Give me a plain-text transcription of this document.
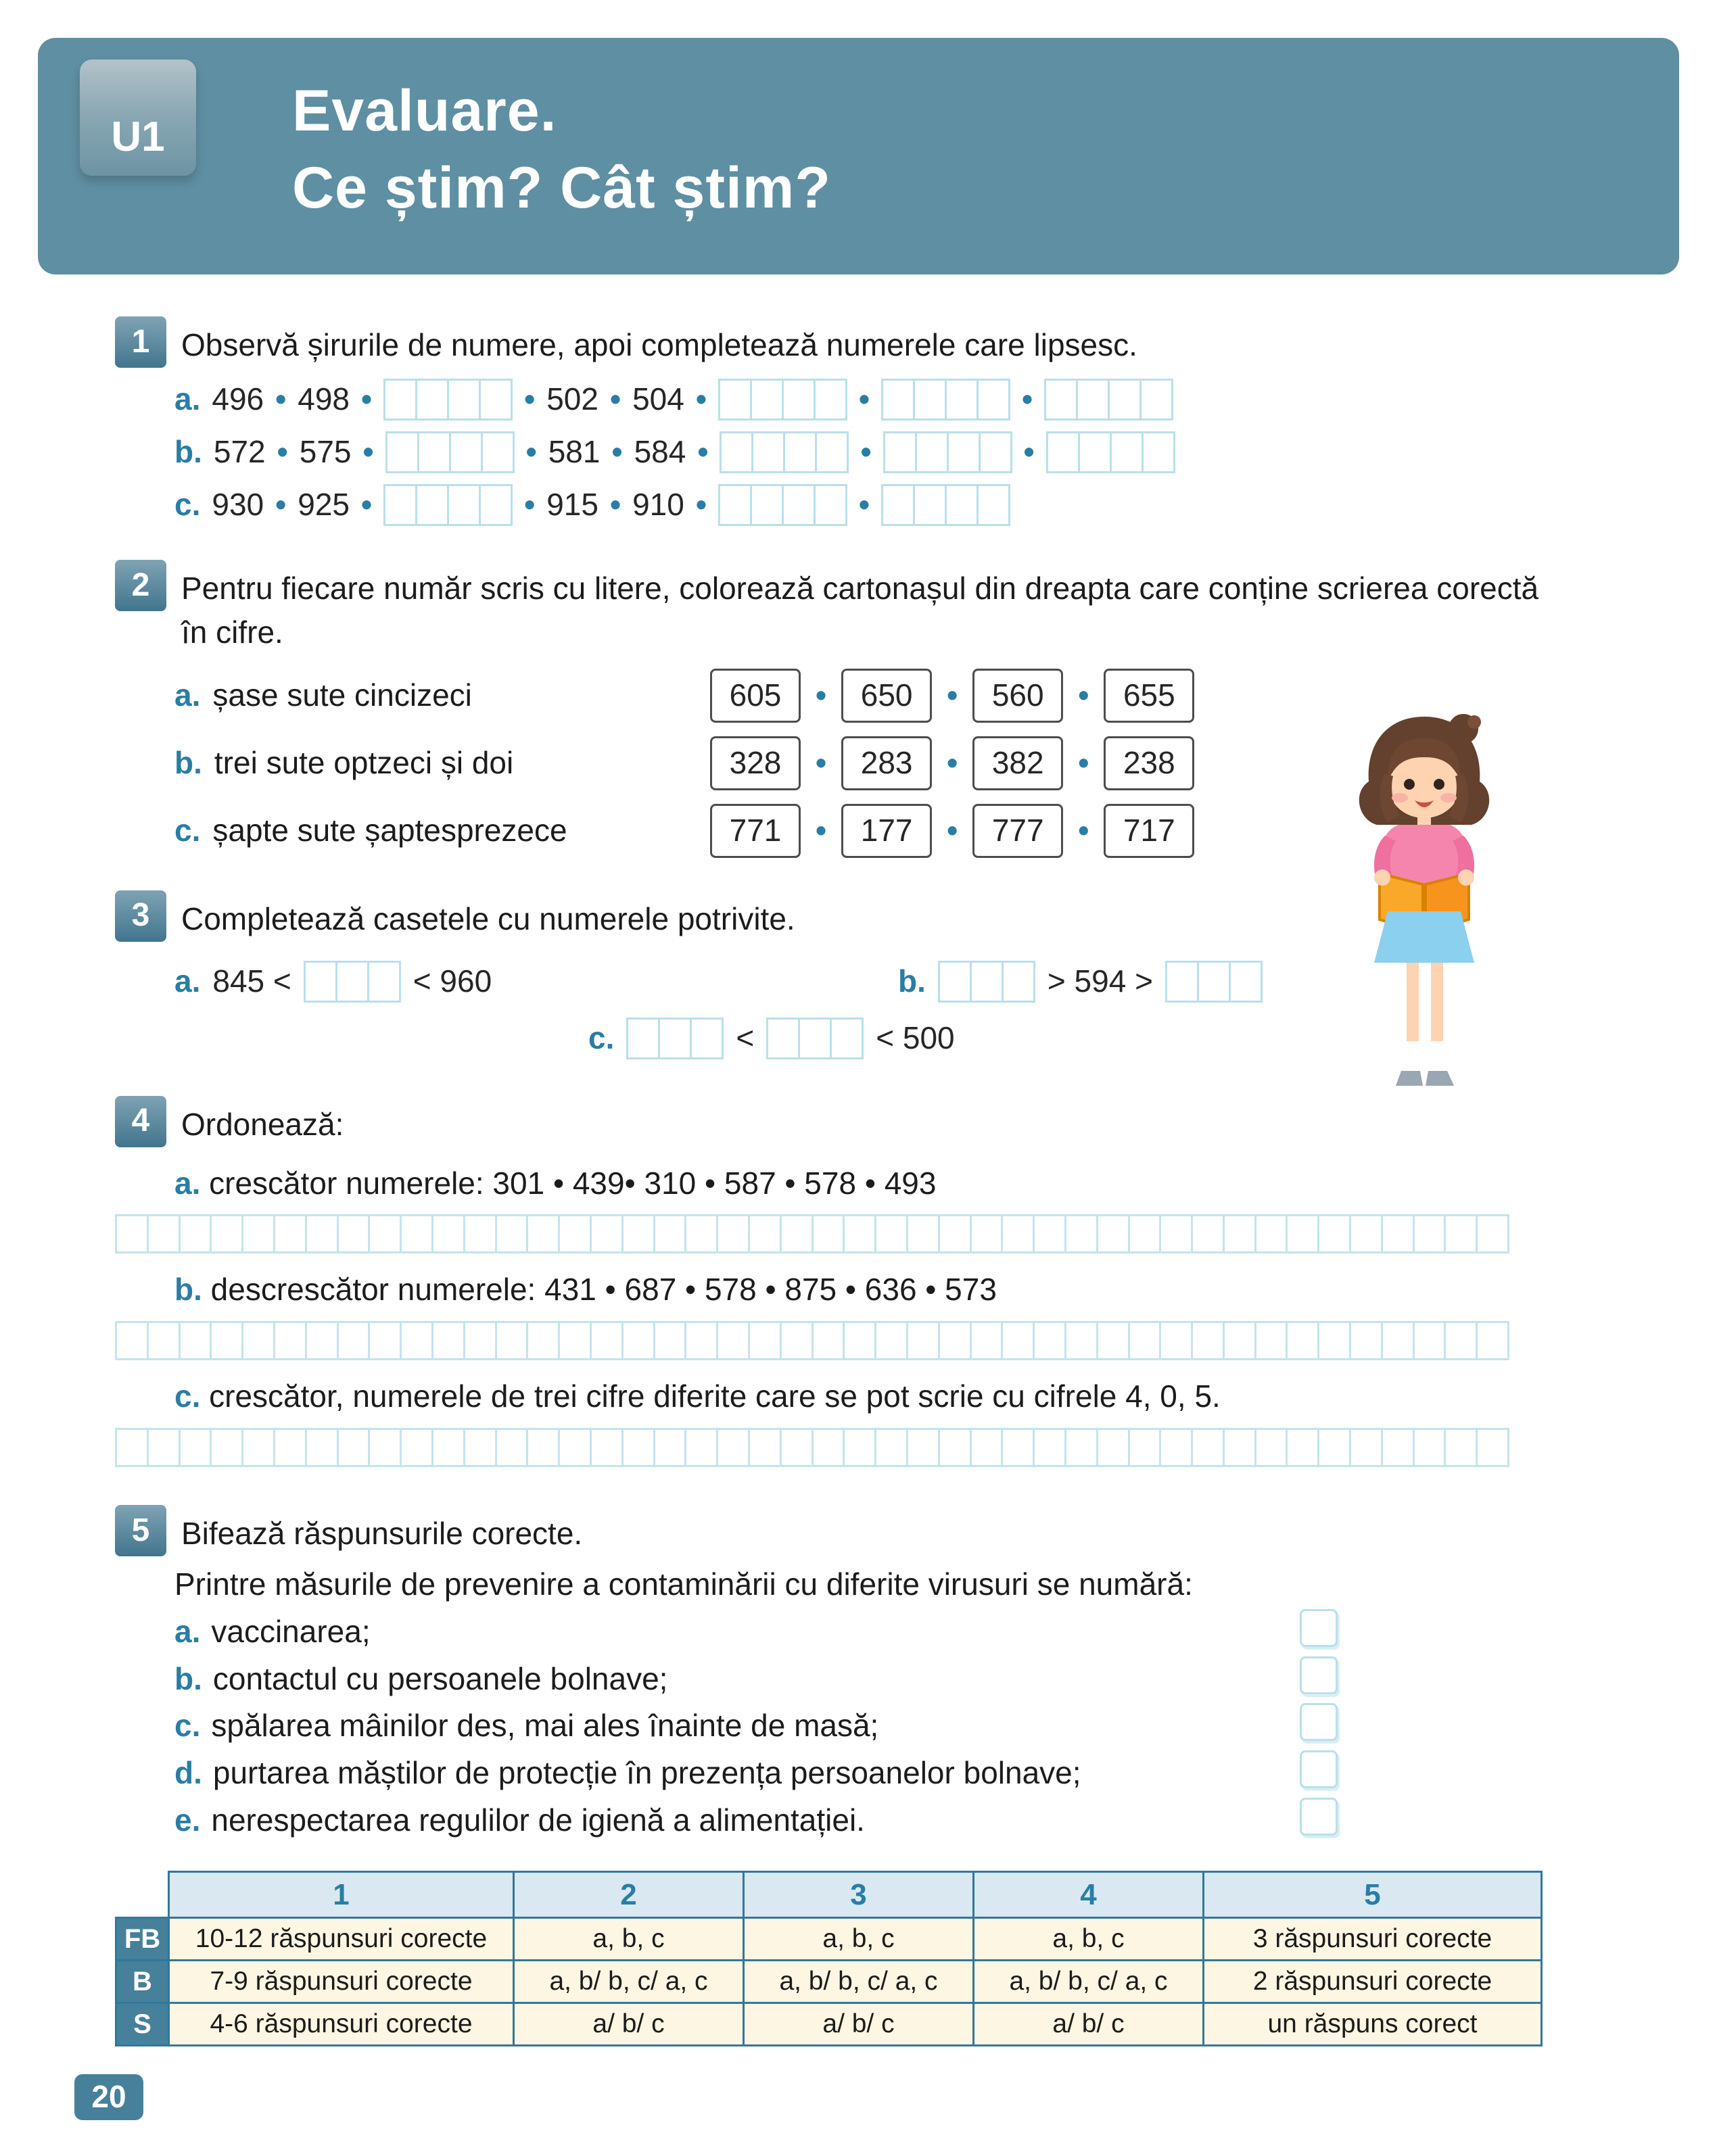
U1	Evaluare.
Ce știm? Cât știm?
1	Observă șirurile de numere, apoi completează numerele care lipsesc.
a. 496 • 498 •	• 502 • 504 •	•	•
b. 572 • 575 •	• 581 • 584 •	•	•
c. 930 • 925 •	• 915 • 910 •	•
2	Pentru fiecare număr scris cu litere, colorează cartonașul din dreapta care conține scrierea corectă în cifre.
a. șase sute cincizeci	605	•	650	•	560	•	655
b. trei sute optzeci și doi	328	•	283	•	382	•	238
c. șapte sute șaptesprezece	771	•	177	•	777	•	717
3	Completează casetele cu numerele potrivite.
a. 845 <	< 960	b.	> 594 >
c.	<	< 500
4	Ordonează:
a. crescător numerele: 301 • 439• 310 • 587 • 578 • 493
b. descrescător numerele: 431 • 687 • 578 • 875 • 636 • 573
c. crescător, numerele de trei cifre diferite care se pot scrie cu cifrele 4, 0, 5.
5	Bifează răspunsurile corecte.
Printre măsurile de prevenire a contaminării cu diferite virusuri se numără:
a. vaccinarea;
b. contactul cu persoanele bolnave;
c. spălarea mâinilor des, mai ales înainte de masă;
d. purtarea măștilor de protecție în prezența persoanelor bolnave;
e. nerespectarea regulilor de igienă a alimentației.
	1	2	3	4	5
FB	10-12 răspunsuri corecte	a, b, c	a, b, c	a, b, c	3 răspunsuri corecte
B	7-9 răspunsuri corecte	a, b/ b, c/ a, c	a, b/ b, c/ a, c	a, b/ b, c/ a, c	2 răspunsuri corecte
S	4-6 răspunsuri corecte	a/ b/ c	a/ b/ c	a/ b/ c	un răspuns corect
20
